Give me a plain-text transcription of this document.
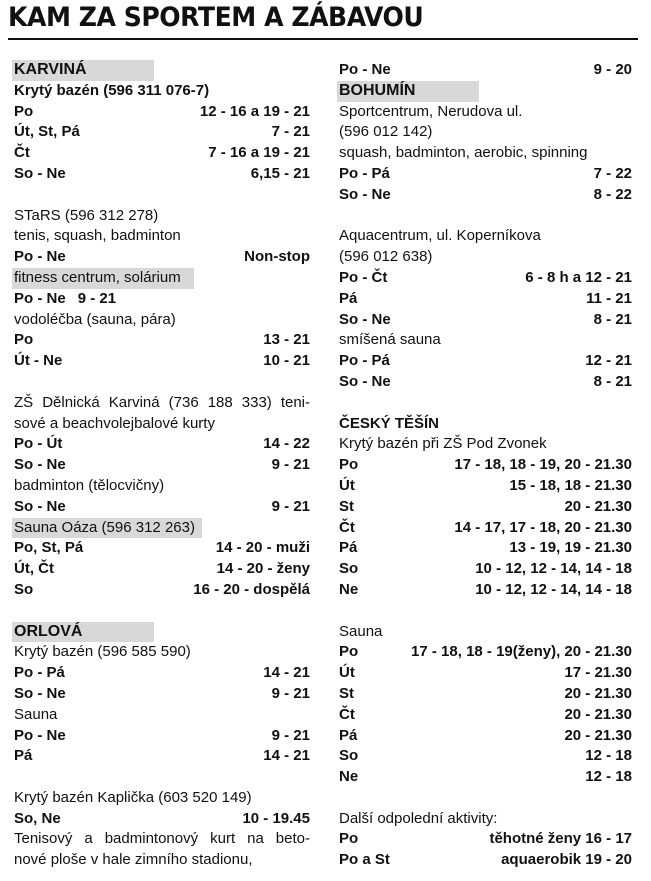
KAM ZA SPORTEM A ZÁBAVOU
KARVINÁ
Krytý bazén (596 311 076-7)
Po	12 - 16 a 19 - 21
Út, St, Pá	7 - 21
Čt	7 - 16 a 19 - 21
So - Ne	6,15 - 21
STaRS (596 312 278)
tenis, squash, badminton
Po - Ne	Non-stop
fitness centrum, solárium
Po - Ne 9 - 21
vodoléčba (sauna, pára)
Po	13 - 21
Út - Ne	10 - 21
ZŠ Dělnická Karviná (736 188 333) teni-
sové a beachvolejbalové kurty
Po - Út	14 - 22
So - Ne	9 - 21
badminton (tělocvičny)
So - Ne	9 - 21
Sauna Oáza (596 312 263)
Po, St, Pá	14 - 20 - muži
Út, Čt	14 - 20 - ženy
So	16 - 20 - dospělá
ORLOVÁ
Krytý bazén (596 585 590)
Po - Pá	14 - 21
So - Ne	9 - 21
Sauna
Po - Ne	9 - 21
Pá	14 - 21
Krytý bazén Kaplička (603 520 149)
So, Ne	10 - 19.45
Tenisový a badmintonový kurt na beto-
nové ploše v hale zimního stadionu,
Po - Ne	9 - 20
BOHUMÍN
Sportcentrum, Nerudova ul.
(596 012 142)
squash, badminton, aerobic, spinning
Po - Pá	7 - 22
So - Ne	8 - 22
Aquacentrum, ul. Koperníkova
(596 012 638)
Po - Čt	6 - 8 h a 12 - 21
Pá	11 - 21
So - Ne	8 - 21
smíšená sauna
Po - Pá	12 - 21
So - Ne	8 - 21
ČESKÝ TĚŠÍN
Krytý bazén při ZŠ Pod Zvonek
Po	17 - 18, 18 - 19, 20 - 21.30
Út	15 - 18, 18 - 21.30
St	20 - 21.30
Čt	14 - 17, 17 - 18, 20 - 21.30
Pá	13 - 19, 19 - 21.30
So	10 - 12, 12 - 14, 14 - 18
Ne	10 - 12, 12 - 14, 14 - 18
Sauna
Po	17 - 18, 18 - 19(ženy), 20 - 21.30
Út	17 - 21.30
St	20 - 21.30
Čt	20 - 21.30
Pá	20 - 21.30
So	12 - 18
Ne	12 - 18
Další odpolední aktivity:
Po	těhotné ženy 16 - 17
Po a St	aquaerobik 19 - 20
